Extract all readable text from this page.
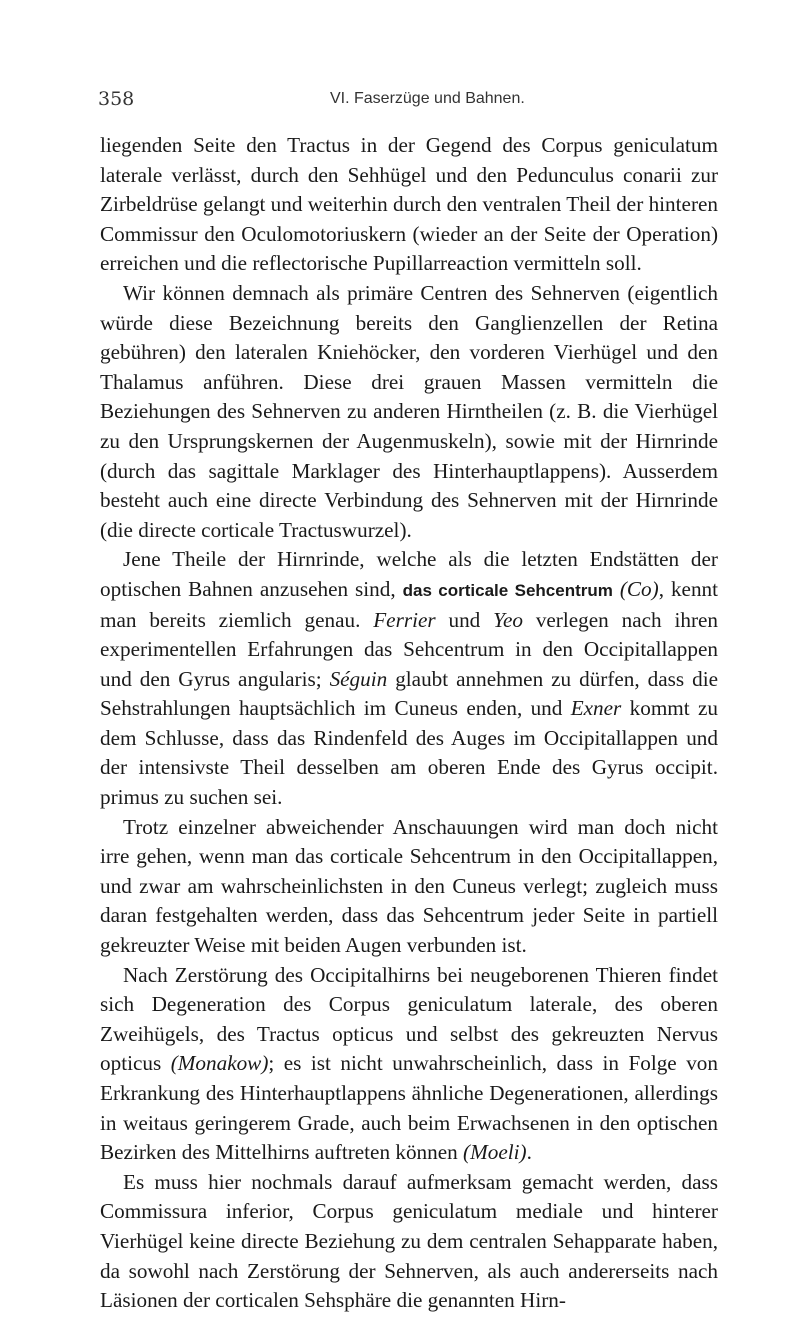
358	VI. Faserzüge und Bahnen.

liegenden Seite den Tractus in der Gegend des Corpus geniculatum laterale verlässt, durch den Sehhügel und den Pedunculus conarii zur Zirbeldrüse gelangt und weiterhin durch den ventralen Theil der hinteren Commissur den Oculomotoriuskern (wieder an der Seite der Operation) erreichen und die reflectorische Pupillarreaction vermitteln soll.

Wir können demnach als primäre Centren des Sehnerven (eigentlich würde diese Bezeichnung bereits den Ganglienzellen der Retina gebühren) den lateralen Kniehöcker, den vorderen Vierhügel und den Thalamus anführen. Diese drei grauen Massen vermitteln die Beziehungen des Sehnerven zu anderen Hirntheilen (z. B. die Vierhügel zu den Ursprungskernen der Augenmuskeln), sowie mit der Hirnrinde (durch das sagittale Marklager des Hinterhauptlappens). Ausserdem besteht auch eine directe Verbindung des Sehnerven mit der Hirnrinde (die directe corticale Tractuswurzel).

Jene Theile der Hirnrinde, welche als die letzten Endstätten der optischen Bahnen anzusehen sind, das corticale Sehcentrum (Co), kennt man bereits ziemlich genau. Ferrier und Yeo verlegen nach ihren experimentellen Erfahrungen das Sehcentrum in den Occipitallappen und den Gyrus angularis; Séguin glaubt annehmen zu dürfen, dass die Sehstrahlungen hauptsächlich im Cuneus enden, und Exner kommt zu dem Schlusse, dass das Rindenfeld des Auges im Occipitallappen und der intensivste Theil desselben am oberen Ende des Gyrus occipit. primus zu suchen sei.

Trotz einzelner abweichender Anschauungen wird man doch nicht irre gehen, wenn man das corticale Sehcentrum in den Occipitallappen, und zwar am wahrscheinlichsten in den Cuneus verlegt; zugleich muss daran festgehalten werden, dass das Sehcentrum jeder Seite in partiell gekreuzter Weise mit beiden Augen verbunden ist.

Nach Zerstörung des Occipitalhirns bei neugeborenen Thieren findet sich Degeneration des Corpus geniculatum laterale, des oberen Zweihügels, des Tractus opticus und selbst des gekreuzten Nervus opticus (Monakow); es ist nicht unwahrscheinlich, dass in Folge von Erkrankung des Hinterhauptlappens ähnliche Degenerationen, allerdings in weitaus geringerem Grade, auch beim Erwachsenen in den optischen Bezirken des Mittelhirns auftreten können (Moeli).

Es muss hier nochmals darauf aufmerksam gemacht werden, dass Commissura inferior, Corpus geniculatum mediale und hinterer Vierhügel keine directe Beziehung zu dem centralen Sehapparate haben, da sowohl nach Zerstörung der Sehnerven, als auch andererseits nach Läsionen der corticalen Sehsphäre die genannten Hirn-
